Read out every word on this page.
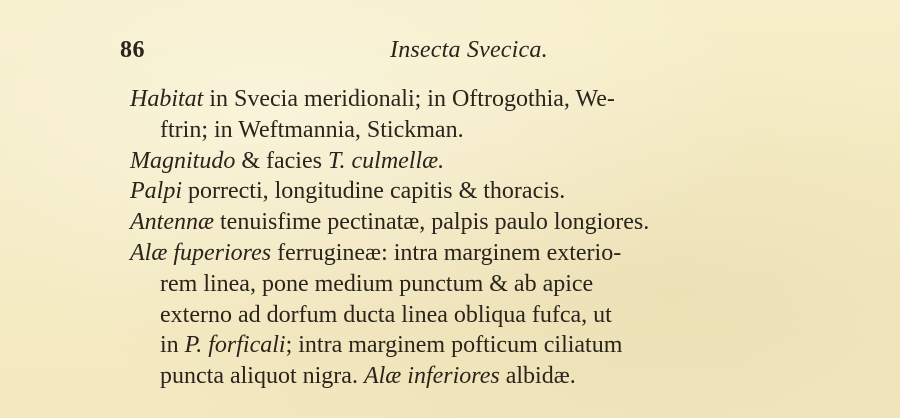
86	Insecta Svecica.
Habitat in Svecia meridionali; in Oftrogothia, We-
ftrin; in Weftmannia, Stickman.
Magnitudo & facies T. culmellæ.
Palpi porrecti, longitudine capitis & thoracis.
Antennæ tenuisfime pectinatæ, palpis paulo longiores.
Alæ fuperiores ferrugineæ: intra marginem exterio-
rem linea, pone medium punctum & ab apice
externo ad dorfum ducta linea obliqua fufca, ut
in P. forficali; intra marginem pofticum ciliatum
puncta aliquot nigra. Alæ inferiores albidæ.
